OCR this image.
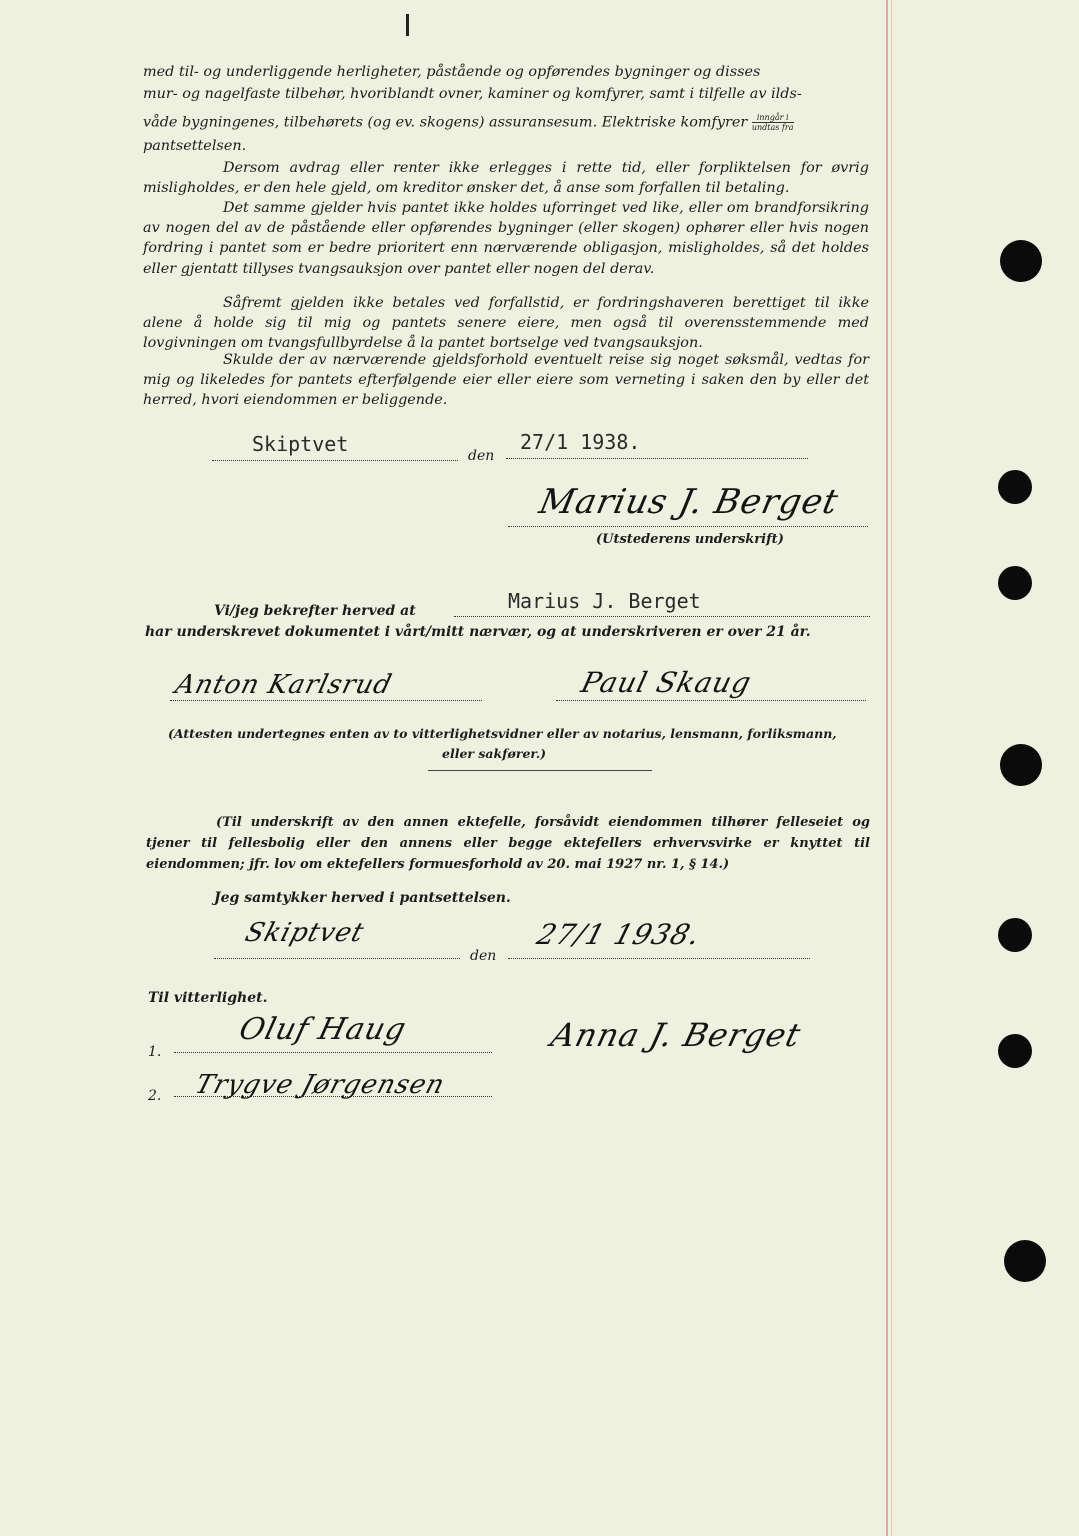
med til- og underliggende herligheter, påstående og opførendes bygninger og disses
mur- og nagelfaste tilbehør, hvoriblandt ovner, kaminer og komfyrer, samt i tilfelle av ilds-
våde bygningenes, tilbehørets (og ev. skogens) assuransesum. Elektriske komfyrer	inngår i
undtas fra
pantsettelsen.
Dersom avdrag eller renter ikke erlegges i rette tid, eller forpliktelsen for øvrig misligholdes, er den hele gjeld, om kreditor ønsker det, å anse som forfallen til betaling.
Det samme gjelder hvis pantet ikke holdes uforringet ved like, eller om brandforsikring av nogen del av de påstående eller opførendes bygninger (eller skogen) ophører eller hvis nogen fordring i pantet som er bedre prioritert enn nærværende obligasjon, misligholdes, så det holdes eller gjentatt tillyses tvangsauksjon over pantet eller nogen del derav.
Såfremt gjelden ikke betales ved forfallstid, er fordringshaveren berettiget til ikke alene å holde sig til mig og pantets senere eiere, men også til overensstemmende med lovgivningen om tvangsfullbyrdelse å la pantet bortselge ved tvangsauksjon.
Skulde der av nærværende gjeldsforhold eventuelt reise sig noget søksmål, vedtas for mig og likeledes for pantets efterfølgende eier eller eiere som verneting i saken den by eller det herred, hvori eiendommen er beliggende.
Skiptvet	den
27/1 1938.
Marius J. Berget
(Utstederens underskrift)
Vi/jeg bekrefter herved at	Marius J. Berget
har underskrevet dokumentet i vårt/mitt nærvær, og at underskriveren er over 21 år.
Anton Karlsrud	Paul Skaug
(Attesten undertegnes enten av to vitterlighetsvidner eller av notarius, lensmann, forliksmann,
eller sakfører.)
(Til underskrift av den annen ektefelle, forsåvidt eiendommen tilhører felleseiet og tjener til fellesbolig eller den annens eller begge ektefellers erhvervsvirke er knyttet til eiendommen; jfr. lov om ektefellers formuesforhold av 20. mai 1927 nr. 1, § 14.)
Jeg samtykker herved i pantsettelsen.
Skiptvet
den
27/1 1938.
Til vitterlighet.
1.
Oluf Haug
2. Trygve Jørgensen
Anna J. Berget
